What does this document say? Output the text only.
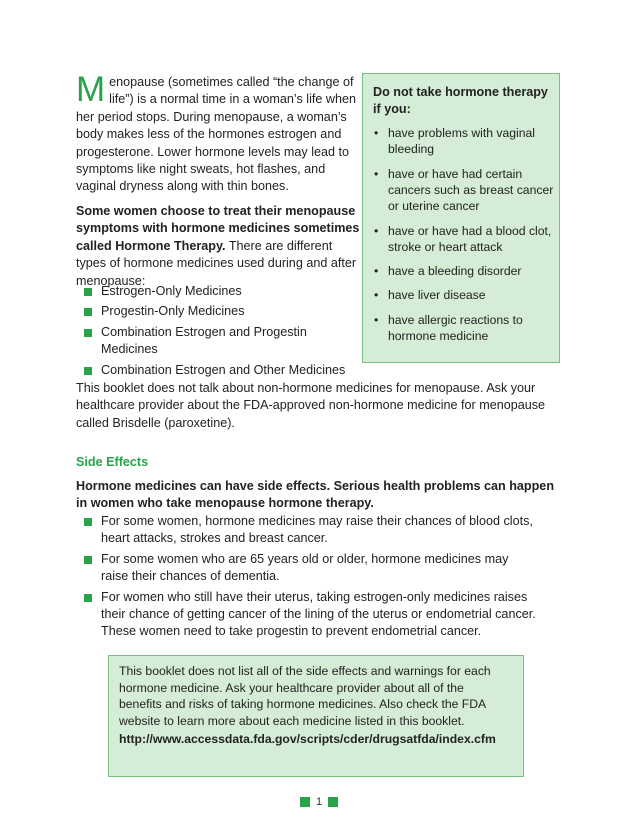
Menopause (sometimes called “the change of life”) is a normal time in a woman’s life when her period stops. During menopause, a woman’s body makes less of the hormones estrogen and progesterone. Lower hormone levels may lead to symptoms like night sweats, hot flashes, and vaginal dryness along with thin bones.
Some women choose to treat their menopause symptoms with hormone medicines sometimes called Hormone Therapy. There are different types of hormone medicines used during and after menopause:
Estrogen-Only Medicines
Progestin-Only Medicines
Combination Estrogen and Progestin Medicines
Combination Estrogen and Other Medicines
Do not take hormone therapy if you:
• have problems with vaginal bleeding
• have or have had certain cancers such as breast cancer or uterine cancer
• have or have had a blood clot, stroke or heart attack
• have a bleeding disorder
• have liver disease
• have allergic reactions to hormone medicine
This booklet does not talk about non-hormone medicines for menopause. Ask your healthcare provider about the FDA-approved non-hormone medicine for menopause called Brisdelle (paroxetine).
Side Effects
Hormone medicines can have side effects. Serious health problems can happen in women who take menopause hormone therapy.
For some women, hormone medicines may raise their chances of blood clots, heart attacks, strokes and breast cancer.
For some women who are 65 years old or older, hormone medicines may raise their chances of dementia.
For women who still have their uterus, taking estrogen-only medicines raises their chance of getting cancer of the lining of the uterus or endometrial cancer. These women need to take progestin to prevent endometrial cancer.
This booklet does not list all of the side effects and warnings for each hormone medicine. Ask your healthcare provider about all of the benefits and risks of taking hormone medicines. Also check the FDA website to learn more about each medicine listed in this booklet.
http://www.accessdata.fda.gov/scripts/cder/drugsatfda/index.cfm
1
